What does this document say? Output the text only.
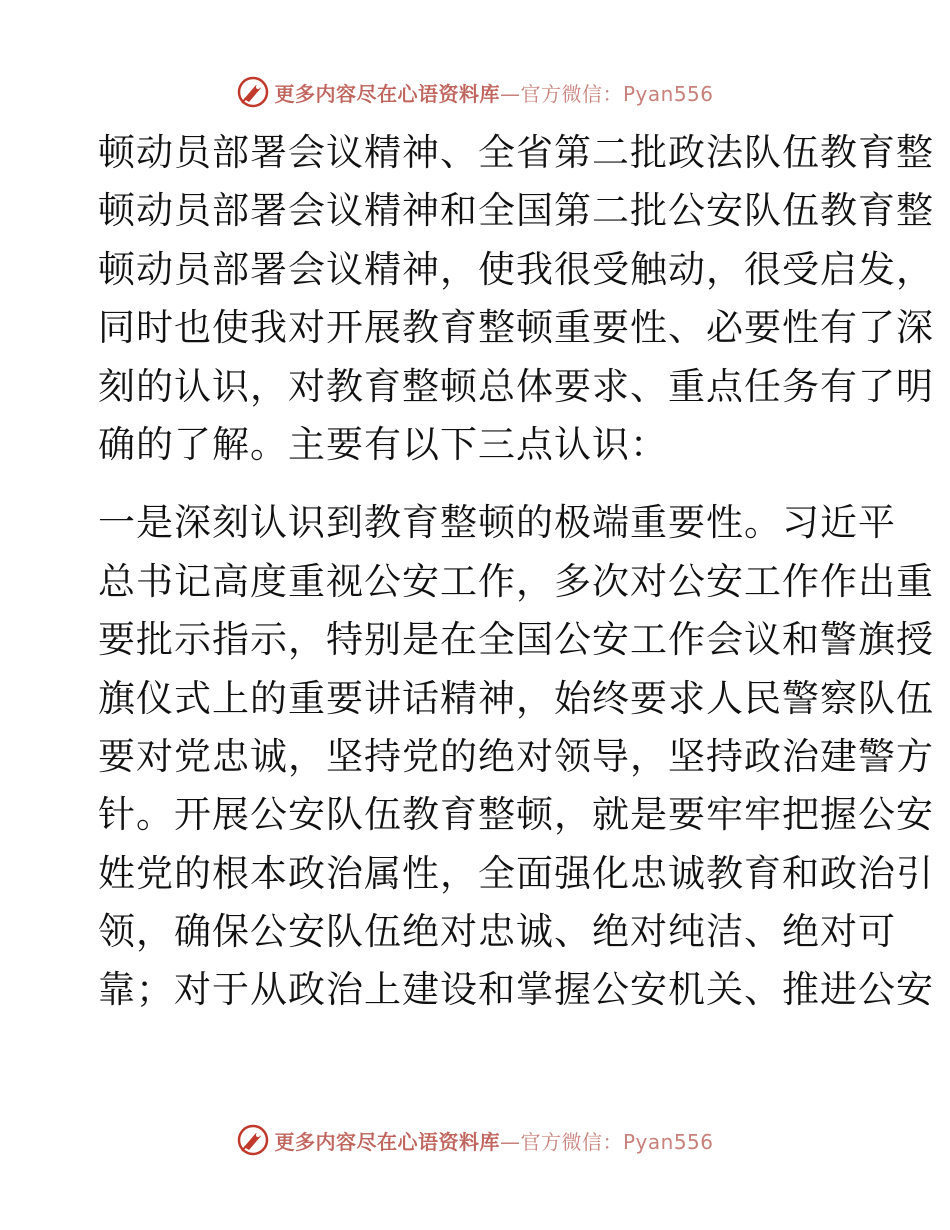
更多内容尽在心语资料库—官方微信：Pyan556
顿动员部署会议精神、全省第二批政法队伍教育整
顿动员部署会议精神和全国第二批公安队伍教育整
顿动员部署会议精神，使我很受触动，很受启发，
同时也使我对开展教育整顿重要性、必要性有了深
刻的认识，对教育整顿总体要求、重点任务有了明
确的了解。主要有以下三点认识：
一是深刻认识到教育整顿的极端重要性。习近平
总书记高度重视公安工作，多次对公安工作作出重
要批示指示，特别是在全国公安工作会议和警旗授
旗仪式上的重要讲话精神，始终要求人民警察队伍
要对党忠诚，坚持党的绝对领导，坚持政治建警方
针。开展公安队伍教育整顿，就是要牢牢把握公安
姓党的根本政治属性，全面强化忠诚教育和政治引
领，确保公安队伍绝对忠诚、绝对纯洁、绝对可
靠；对于从政治上建设和掌握公安机关、推进公安
更多内容尽在心语资料库—官方微信：Pyan556
